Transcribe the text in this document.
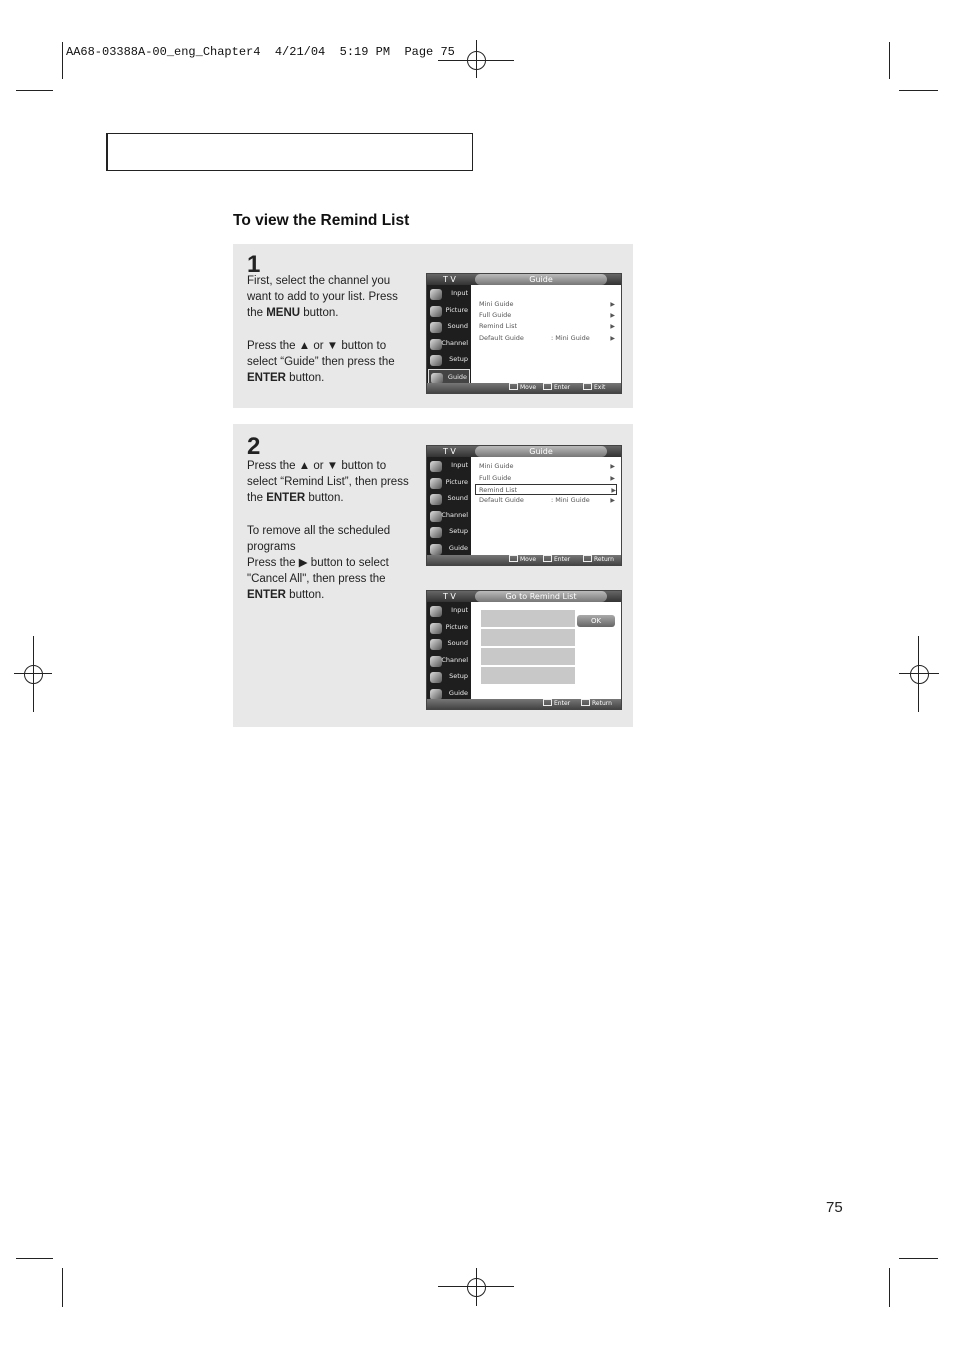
AA68-03388A-00_eng_Chapter4  4/21/04  5:19 PM  Page 75
To view the Remind List
1

First, select the channel you want to add to your list. Press the MENU button.

Press the ▲ or ▼ button to select “Guide” then press the ENTER button.

T V	Guide
Input
Picture
Sound
Channel
Setup
Guide
Mini Guide	▶
Full Guide	▶
Remind List	▶
Default Guide	: Mini Guide	▶
Move	Enter	Exit
2

Press the ▲ or ▼ button to select “Remind List”, then press the ENTER button.

To remove all the scheduled programs

Press the ▶ button to select "Cancel All", then press the ENTER button.

T V	Guide
Input
Picture
Sound
Channel
Setup
Guide
Mini Guide	▶
Full Guide	▶
Remind List	▶
Default Guide	: Mini Guide	▶
Move	Enter	Return
T V	Go to Remind List
Input
Picture
Sound
Channel
Setup
Guide
OK
Enter	Return
75
